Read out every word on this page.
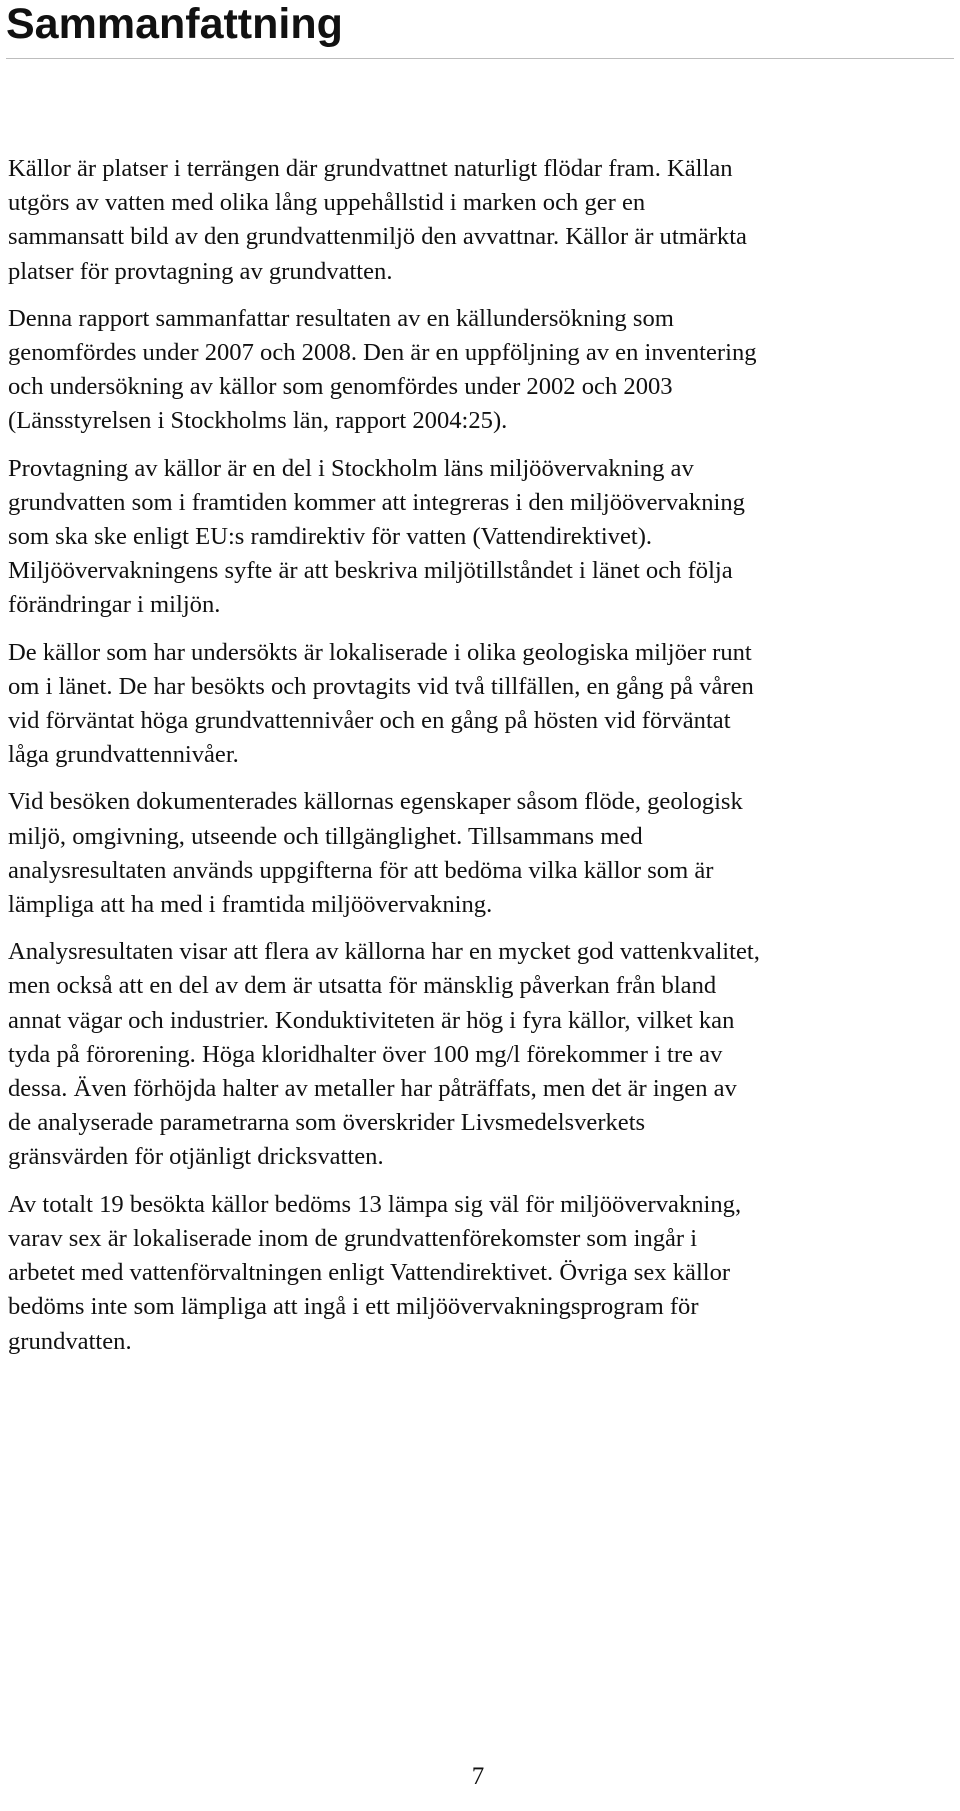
Sammanfattning

Källor är platser i terrängen där grundvattnet naturligt flödar fram. Källan
utgörs av vatten med olika lång uppehållstid i marken och ger en
sammansatt bild av den grundvattenmiljö den avvattnar. Källor är utmärkta
platser för provtagning av grundvatten.

Denna rapport sammanfattar resultaten av en källundersökning som
genomfördes under 2007 och 2008. Den är en uppföljning av en inventering
och undersökning av källor som genomfördes under 2002 och 2003
(Länsstyrelsen i Stockholms län, rapport 2004:25).

Provtagning av källor är en del i Stockholm läns miljöövervakning av
grundvatten som i framtiden kommer att integreras i den miljöövervakning
som ska ske enligt EU:s ramdirektiv för vatten (Vattendirektivet).
Miljöövervakningens syfte är att beskriva miljötillståndet i länet och följa
förändringar i miljön.

De källor som har undersökts är lokaliserade i olika geologiska miljöer runt
om i länet. De har besökts och provtagits vid två tillfällen, en gång på våren
vid förväntat höga grundvattennivåer och en gång på hösten vid förväntat
låga grundvattennivåer.

Vid besöken dokumenterades källornas egenskaper såsom flöde, geologisk
miljö, omgivning, utseende och tillgänglighet. Tillsammans med
analysresultaten används uppgifterna för att bedöma vilka källor som är
lämpliga att ha med i framtida miljöövervakning.

Analysresultaten visar att flera av källorna har en mycket god vattenkvalitet,
men också att en del av dem är utsatta för mänsklig påverkan från bland
annat vägar och industrier. Konduktiviteten är hög i fyra källor, vilket kan
tyda på förorening. Höga kloridhalter över 100 mg/l förekommer i tre av
dessa. Även förhöjda halter av metaller har påträffats, men det är ingen av
de analyserade parametrarna som överskrider Livsmedelsverkets
gränsvärden för otjänligt dricksvatten.

Av totalt 19 besökta källor bedöms 13 lämpa sig väl för miljöövervakning,
varav sex är lokaliserade inom de grundvattenförekomster som ingår i
arbetet med vattenförvaltningen enligt Vattendirektivet. Övriga sex källor
bedöms inte som lämpliga att ingå i ett miljöövervakningsprogram för
grundvatten.

7
